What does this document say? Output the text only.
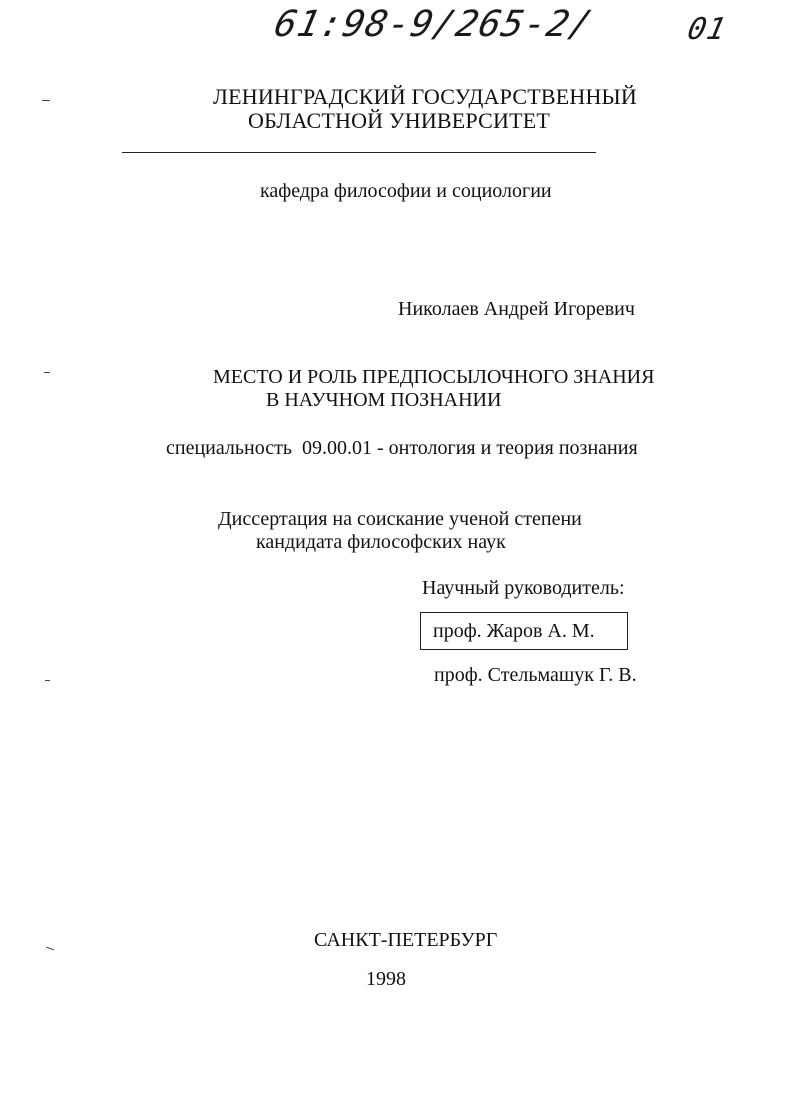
61:98-9/265-2/	01
ЛЕНИНГРАДСКИЙ ГОСУДАРСТВЕННЫЙ
ОБЛАСТНОЙ УНИВЕРСИТЕТ
кафедра философии и социологии
Николаев Андрей Игоревич
МЕСТО И РОЛЬ ПРЕДПОСЫЛОЧНОГО ЗНАНИЯ
В НАУЧНОМ ПОЗНАНИИ
специальность 09.00.01 - онтология и теория познания
Диссертация на соискание ученой степени
кандидата философских наук
Научный руководитель:
проф. Жаров А. М.
проф. Стельмашук Г. В.
САНКТ-ПЕТЕРБУРГ
1998
